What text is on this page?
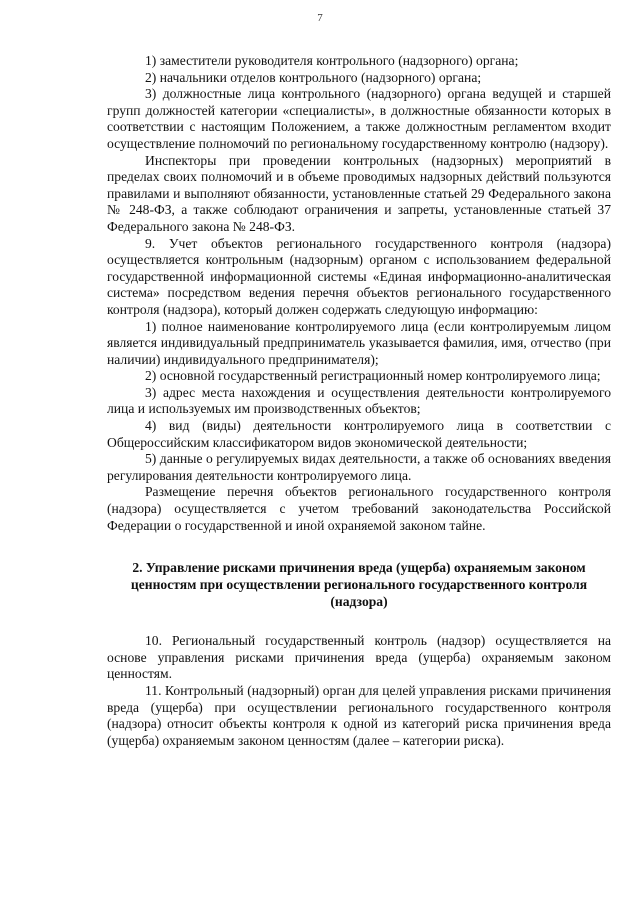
7

1) заместители руководителя контрольного (надзорного) органа;

2) начальники отделов контрольного (надзорного) органа;

3) должностные лица контрольного (надзорного) органа ведущей и старшей групп должностей категории «специалисты», в должностные обязанности которых в соответствии с настоящим Положением, а также должностным регламентом входит осуществление полномочий по региональному государственному контролю (надзору).

Инспекторы при проведении контрольных (надзорных) мероприятий в пределах своих полномочий и в объеме проводимых надзорных действий пользуются правилами и выполняют обязанности, установленные статьей 29 Федерального закона № 248-ФЗ, а также соблюдают ограничения и запреты, установленные статьей 37 Федерального закона № 248-ФЗ.

9. Учет объектов регионального государственного контроля (надзора) осуществляется контрольным (надзорным) органом с использованием федеральной государственной информационной системы «Единая информационно-аналитическая система» посредством ведения перечня объектов регионального государственного контроля (надзора), который должен содержать следующую информацию:

1) полное наименование контролируемого лица (если контролируемым лицом является индивидуальный предприниматель указывается фамилия, имя, отчество (при наличии) индивидуального предпринимателя);

2) основной государственный регистрационный номер контролируемого лица;

3) адрес места нахождения и осуществления деятельности контролируемого лица и используемых им производственных объектов;

4) вид (виды) деятельности контролируемого лица в соответствии с Общероссийским классификатором видов экономической деятельности;

5) данные о регулируемых видах деятельности, а также об основаниях введения регулирования деятельности контролируемого лица.

Размещение перечня объектов регионального государственного контроля (надзора) осуществляется с учетом требований законодательства Российской Федерации о государственной и иной охраняемой законом тайне.

2. Управление рисками причинения вреда (ущерба) охраняемым законом ценностям при осуществлении регионального государственного контроля (надзора)

10. Региональный государственный контроль (надзор) осуществляется на основе управления рисками причинения вреда (ущерба) охраняемым законом ценностям.

11. Контрольный (надзорный) орган для целей управления рисками причинения вреда (ущерба) при осуществлении регионального государственного контроля (надзора) относит объекты контроля к одной из категорий риска причинения вреда (ущерба) охраняемым законом ценностям (далее – категории риска).
